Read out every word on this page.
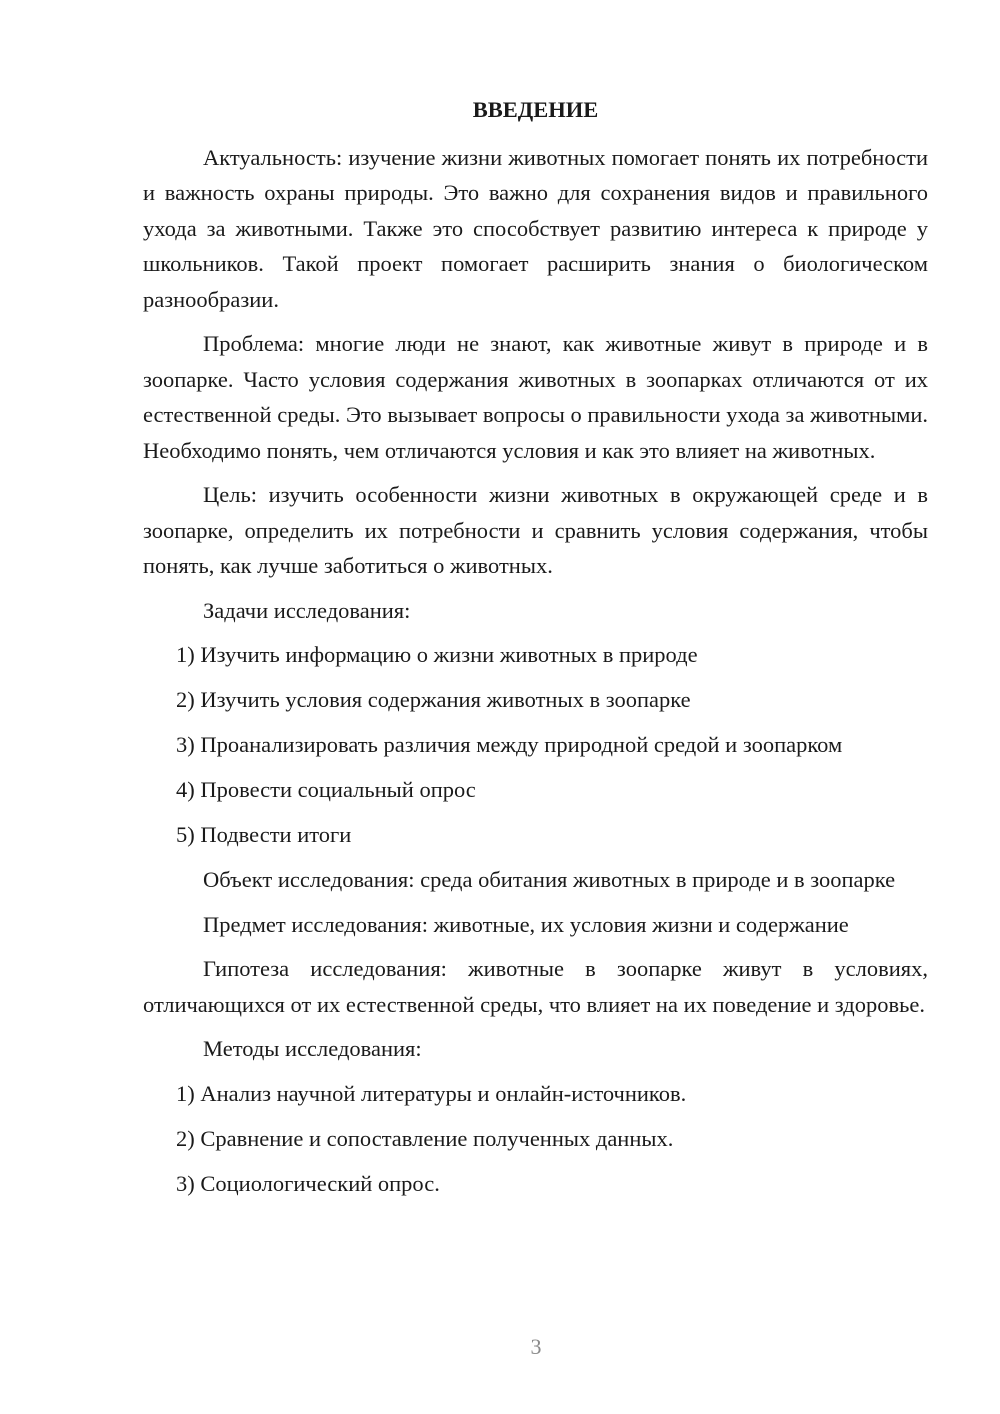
ВВЕДЕНИЕ

Актуальность: изучение жизни животных помогает понять их потребности и важность охраны природы. Это важно для сохранения видов и правильного ухода за животными. Также это способствует развитию интереса к природе у школьников. Такой проект помогает расширить знания о биологическом разнообразии.

Проблема: многие люди не знают, как животные живут в природе и в зоопарке. Часто условия содержания животных в зоопарках отличаются от их естественной среды. Это вызывает вопросы о правильности ухода за животными. Необходимо понять, чем отличаются условия и как это влияет на животных.

Цель: изучить особенности жизни животных в окружающей среде и в зоопарке, определить их потребности и сравнить условия содержания, чтобы понять, как лучше заботиться о животных.

Задачи исследования:

1) Изучить информацию о жизни животных в природе
2) Изучить условия содержания животных в зоопарке
3) Проанализировать различия между природной средой и зоопарком
4) Провести социальный опрос
5) Подвести итоги

Объект исследования: среда обитания животных в природе и в зоопарке

Предмет исследования: животные, их условия жизни и содержание

Гипотеза исследования: животные в зоопарке живут в условиях, отличающихся от их естественной среды, что влияет на их поведение и здоровье.

Методы исследования:

1) Анализ научной литературы и онлайн-источников.
2) Сравнение и сопоставление полученных данных.
3) Социологический опрос.
3
